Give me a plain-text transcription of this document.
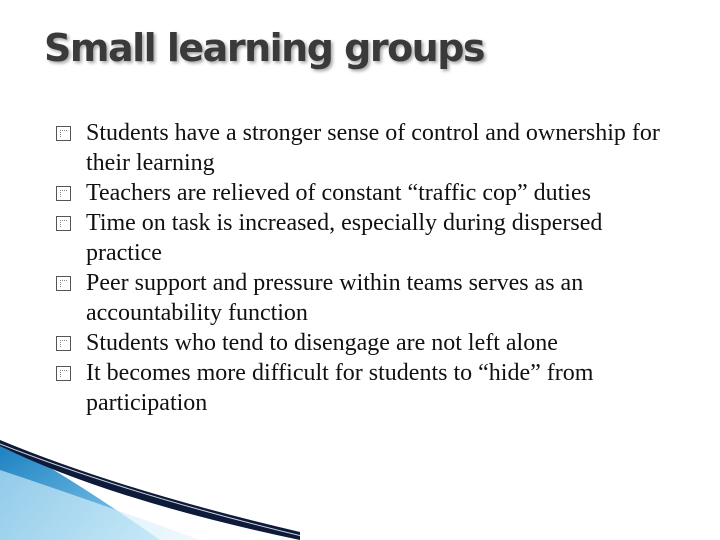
Small learning groups
Students have a stronger sense of control and ownership for their learning
Teachers are relieved of constant “traffic cop” duties
Time on task is increased, especially during dispersed practice
Peer support and pressure within teams serves as an accountability function
Students who tend to disengage are not left alone
It becomes more difficult for students to “hide” from participation
